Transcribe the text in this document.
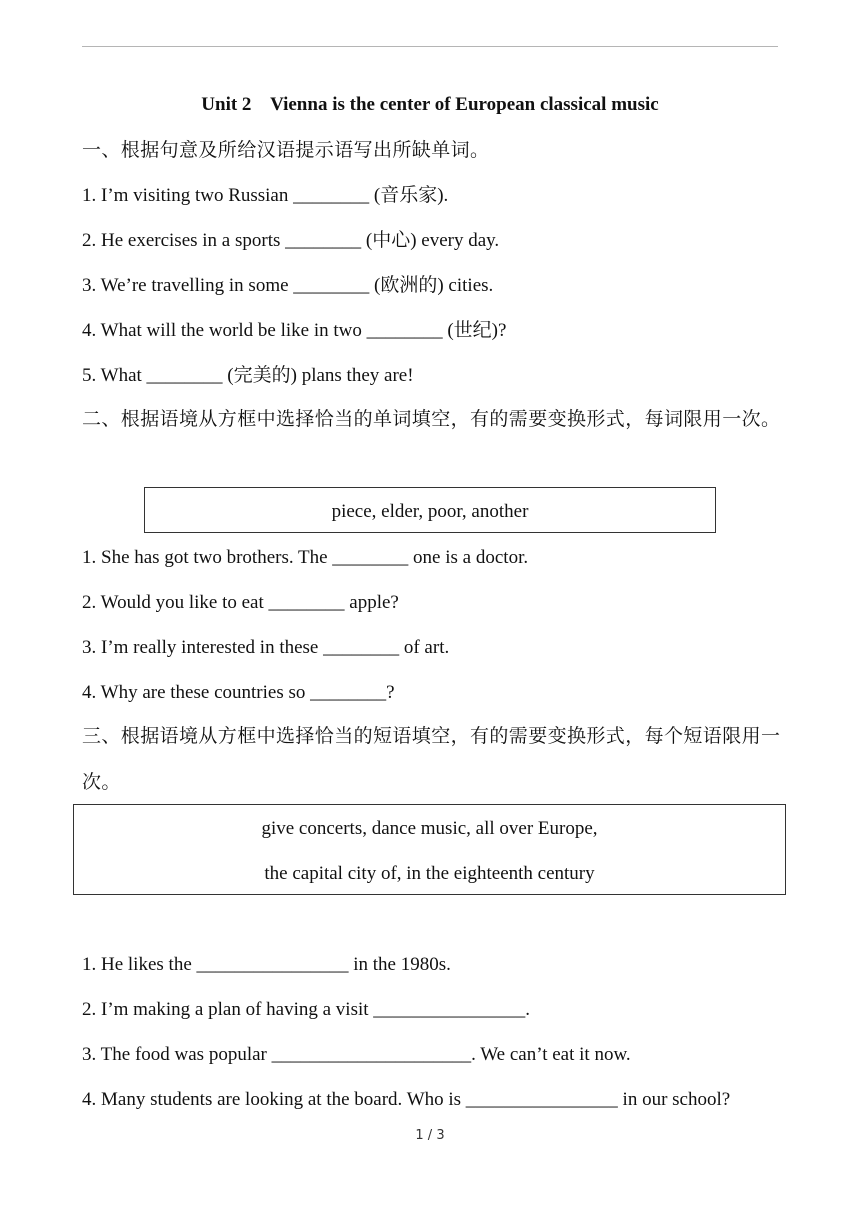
Unit 2    Vienna is the center of European classical music
一、根据句意及所给汉语提示语写出所缺单词。
1. I’m visiting two Russian ________ (音乐家).
2. He exercises in a sports ________ (中心) every day.
3. We’re travelling in some ________ (欧洲的) cities.
4. What will the world be like in two ________ (世纪)?
5. What ________ (完美的) plans they are!
二、根据语境从方框中选择恰当的单词填空，有的需要变换形式，每词限用一次。
piece, elder, poor, another
1. She has got two brothers. The ________ one is a doctor.
2. Would you like to eat ________ apple?
3. I’m really interested in these ________ of art.
4. Why are these countries so ________?
三、根据语境从方框中选择恰当的短语填空，有的需要变换形式，每个短语限用一次。
give concerts, dance music, all over Europe,
the capital city of, in the eighteenth century
1. He likes the ________________ in the 1980s.
2. I’m making a plan of having a visit ________________.
3. The food was popular _____________________. We can’t eat it now.
4. Many students are looking at the board. Who is ________________ in our school?
1 / 3
